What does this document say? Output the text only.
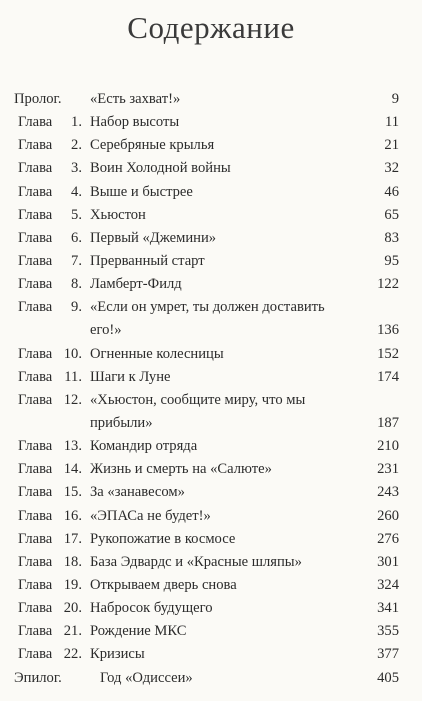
Содержание
Пролог. «Есть захват!»	9
Глава	1. Набор высоты	11
Глава	2. Серебряные крылья	21
Глава	3. Воин Холодной войны	32
Глава	4. Выше и быстрее	46
Глава	5. Хьюстон	65
Глава	6. Первый «Джемини»	83
Глава	7. Прерванный старт	95
Глава	8. Ламберт-Филд	122
Глава	9. «Если он умрет, ты должен доставить
его!»	136
Глава 10. Огненные колесницы	152
Глава 11. Шаги к Луне	174
Глава 12. «Хьюстон, сообщите миру, что мы
прибыли»	187
Глава 13. Командир отряда	210
Глава 14. Жизнь и смерть на «Салюте»	231
Глава 15. За «занавесом»	243
Глава 16. «ЭПАСа не будет!»	260
Глава 17. Рукопожатие в космосе	276
Глава 18. База Эдвардс и «Красные шляпы»	301
Глава 19. Открываем дверь снова	324
Глава 20. Набросок будущего	341
Глава 21. Рождение МКС	355
Глава 22. Кризисы	377
Эпилог.	Год «Одиссеи»	405
